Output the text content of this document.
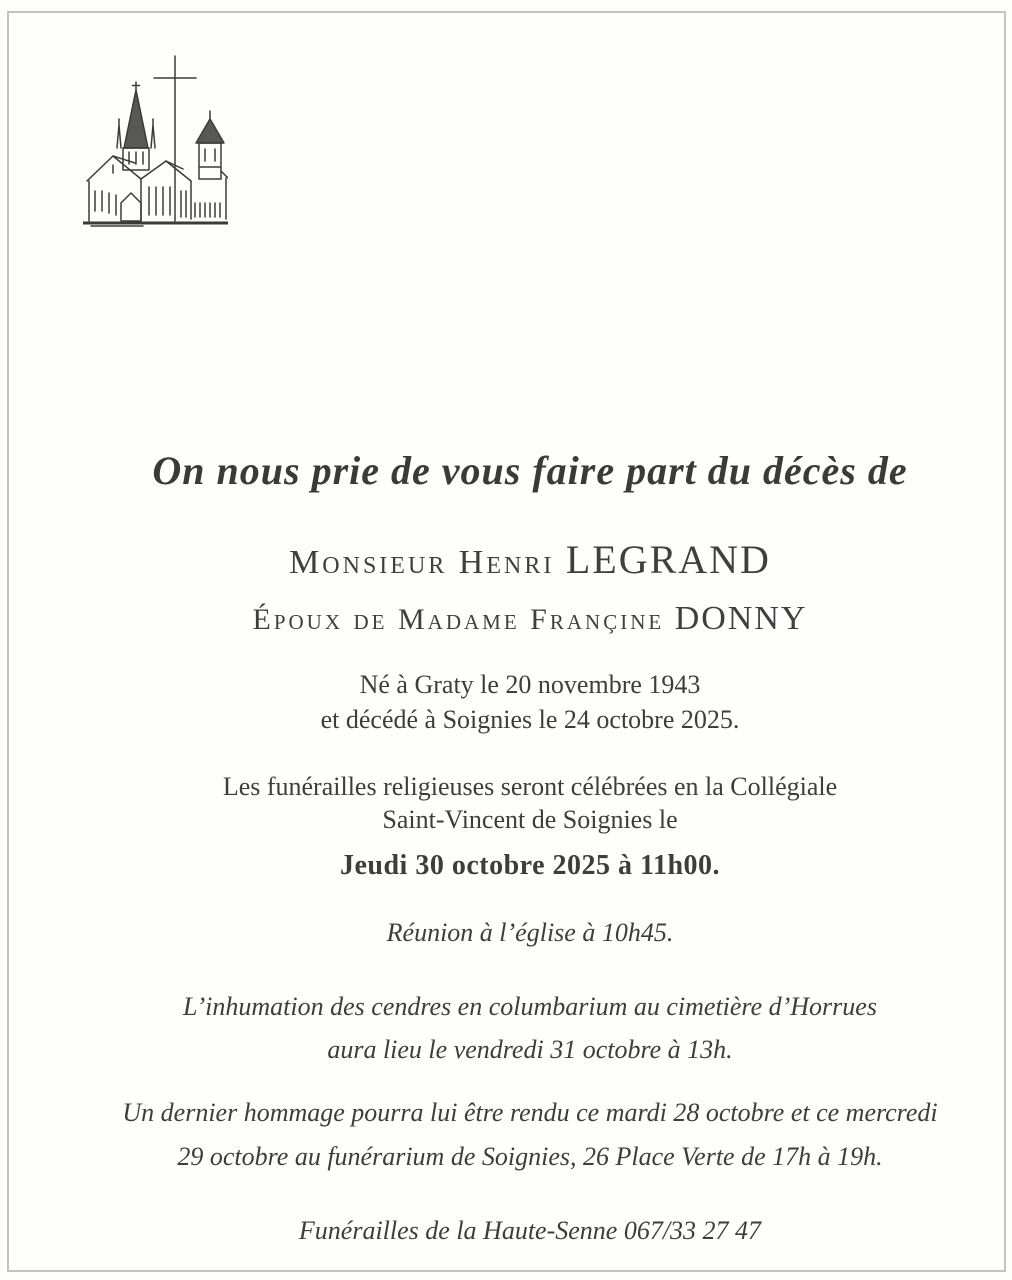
On nous prie de vous faire part du décès de
Monsieur Henri LEGRAND
Époux de Madame Françine DONNY
Né à Graty le 20 novembre 1943
et décédé à Soignies le 24 octobre 2025.
Les funérailles religieuses seront célébrées en la Collégiale
Saint-Vincent de Soignies le
Jeudi 30 octobre 2025 à 11h00.
Réunion à l’église à 10h45.
L’inhumation des cendres en columbarium au cimetière d’Horrues
aura lieu le vendredi 31 octobre à 13h.
Un dernier hommage pourra lui être rendu ce mardi 28 octobre et ce mercredi
29 octobre au funérarium de Soignies, 26 Place Verte de 17h à 19h.
Funérailles de la Haute-Senne 067/33 27 47
